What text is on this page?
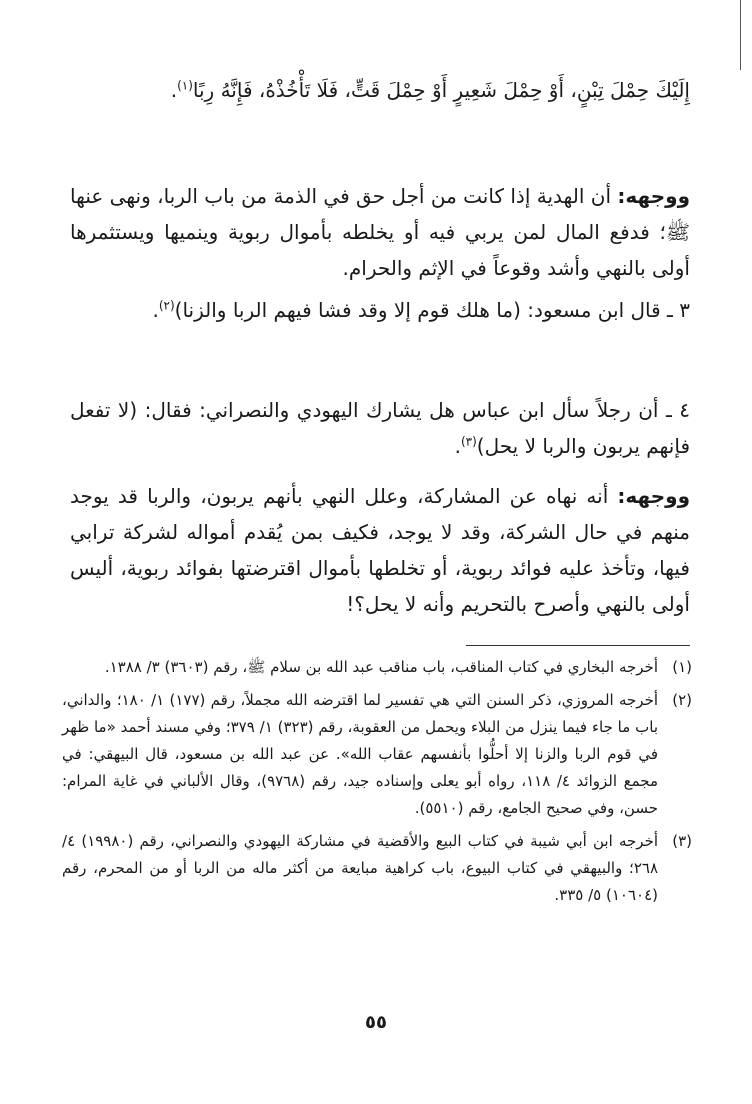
إِلَيْكَ حِمْلَ تِبْنٍ، أَوْ حِمْلَ شَعِيرٍ أَوْ حِمْلَ قَتٍّ، فَلَا تَأْخُذْهُ، فَإِنَّهُ رِبًا$^{(١)}$.

ووجهه: أن الهدية إذا كانت من أجل حق في الذمة من باب الربا، ونهى عنها ﷺ؛ فدفع المال لمن يربي فيه أو يخلطه بأموال ربوية وينميها ويستثمرها أولى بالنهي وأشد وقوعاً في الإثم والحرام.

٣ ـ قال ابن مسعود: (ما هلك قوم إلا وقد فشا فيهم الربا والزنا)$^{(٢)}$.

٤ ـ أن رجلاً سأل ابن عباس هل يشارك اليهودي والنصراني: فقال: (لا تفعل فإنهم يربون والربا لا يحل)$^{(٣)}$.

ووجهه: أنه نهاه عن المشاركة، وعلل النهي بأنهم يربون، والربا قد يوجد منهم في حال الشركة، وقد لا يوجد، فكيف بمن يُقدم أمواله لشركة ترابي فيها، وتأخذ عليه فوائد ربوية، أو تخلطها بأموال اقترضتها بفوائد ربوية، أليس أولى بالنهي وأصرح بالتحريم وأنه لا يحل؟!

(١)
أخرجه البخاري في كتاب المناقب، باب مناقب عبد الله بن سلام ﷺ، رقم (٣٦٠٣) ٣/ ١٣٨٨.
(٢)
أخرجه المروزي، ذكر السنن التي هي تفسير لما اقترضه الله مجملاً، رقم (١٧٧) ١/ ١٨٠؛ والداني، باب ما جاء فيما ينزل من البلاء ويحمل من العقوبة، رقم (٣٢٣) ١/ ٣٧٩؛ وفي مسند أحمد «ما ظهر في قوم الربا والزنا إلا أحلُّوا بأنفسهم عقاب الله». عن عبد الله بن مسعود، قال البيهقي: في مجمع الزوائد ٤/ ١١٨، رواه أبو يعلى وإسناده جيد، رقم (٩٧٦٨)، وقال الألباني في غاية المرام: حسن، وفي صحيح الجامع، رقم (٥٥١٠).
(٣)
أخرجه ابن أبي شيبة في كتاب البيع والأقضية في مشاركة اليهودي والنصراني، رقم (١٩٩٨٠) ٤/ ٢٦٨؛ والبيهقي في كتاب البيوع، باب كراهية مبايعة من أكثر ماله من الربا أو من المحرم، رقم (١٠٦٠٤) ٥/ ٣٣٥.
٥٥
